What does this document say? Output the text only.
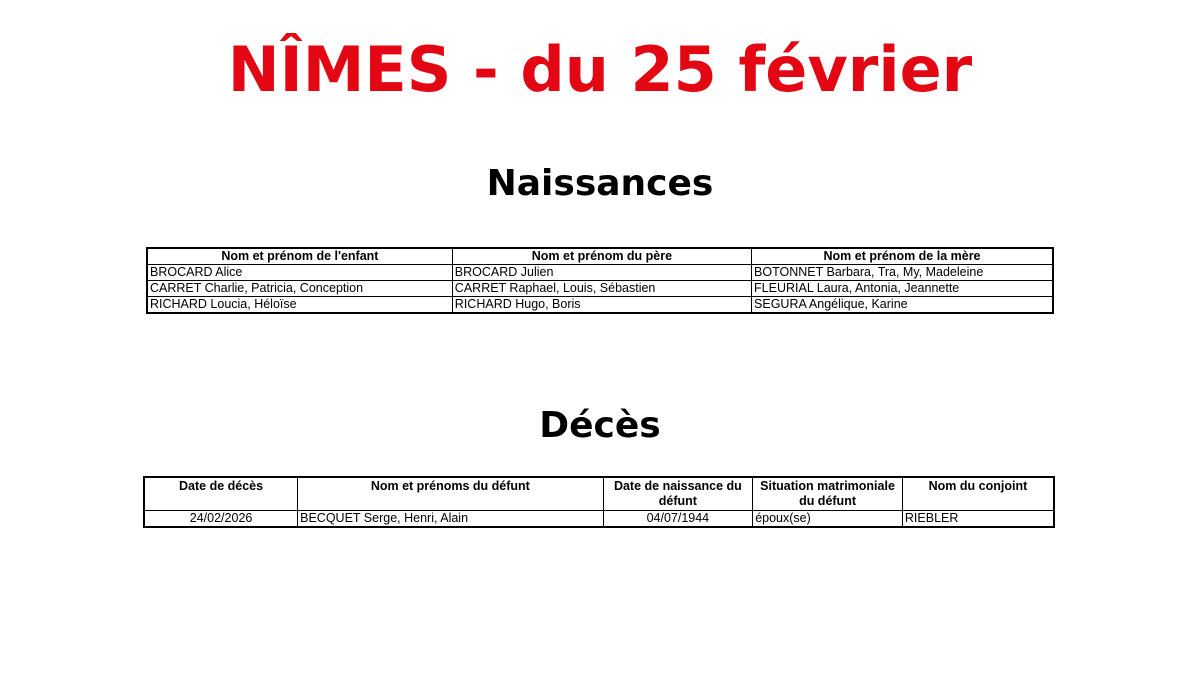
NÎMES - du 25 février
Naissances
Nom et prénom de l'enfant	Nom et prénom du père	Nom et prénom de la mère
BROCARD Alice	BROCARD Julien	BOTONNET Barbara, Tra, My, Madeleine
CARRET Charlie, Patricia, Conception	CARRET Raphael, Louis, Sébastien	FLEURIAL Laura, Antonia, Jeannette
RICHARD Loucia, Héloïse	RICHARD Hugo, Boris	SEGURA Angélique, Karine
Décès
Date de décès	Nom et prénoms du défunt	Date de naissance du défunt	Situation matrimoniale du défunt	Nom du conjoint
24/02/2026	BECQUET Serge, Henri, Alain	04/07/1944	époux(se)	RIEBLER
